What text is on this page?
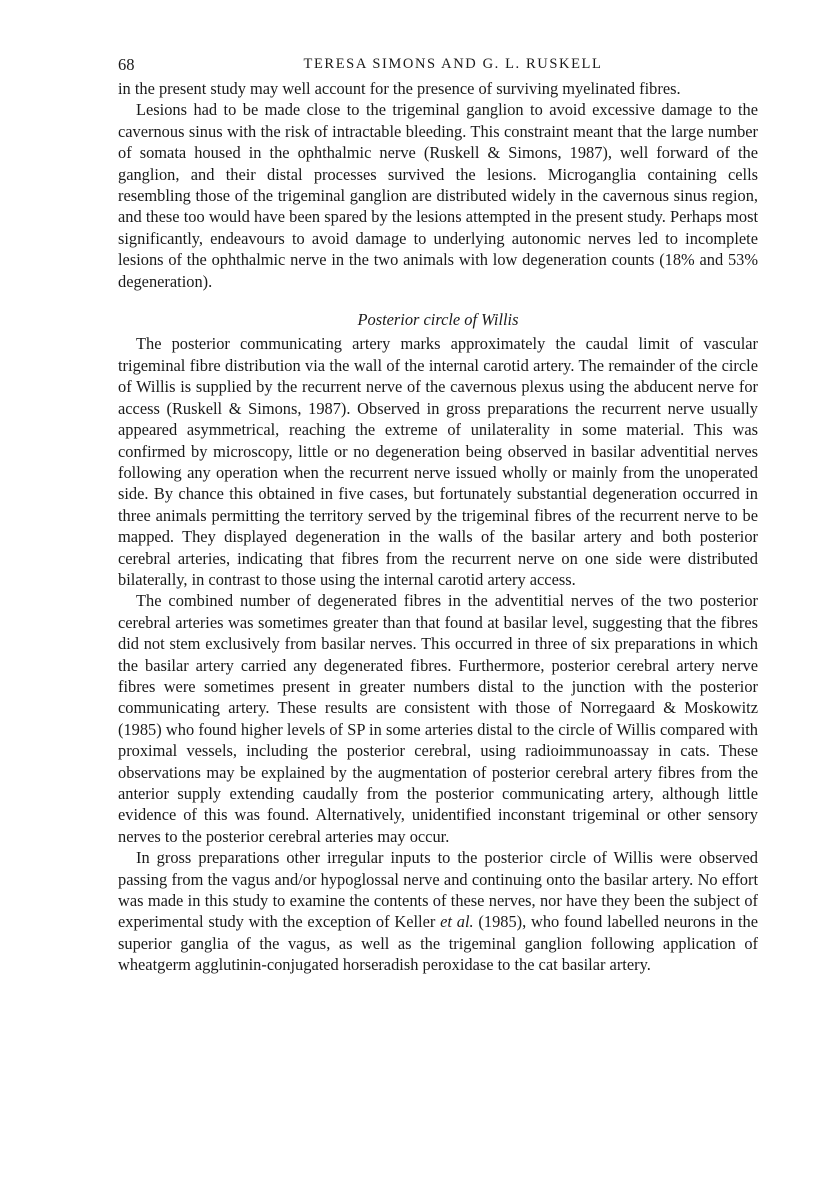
68	TERESA SIMONS AND G. L. RUSKELL

in the present study may well account for the presence of surviving myelinated fibres.

Lesions had to be made close to the trigeminal ganglion to avoid excessive damage to the cavernous sinus with the risk of intractable bleeding. This constraint meant that the large number of somata housed in the ophthalmic nerve (Ruskell & Simons, 1987), well forward of the ganglion, and their distal processes survived the lesions. Microganglia containing cells resembling those of the trigeminal ganglion are distributed widely in the cavernous sinus region, and these too would have been spared by the lesions attempted in the present study. Perhaps most significantly, endeavours to avoid damage to underlying autonomic nerves led to incomplete lesions of the ophthalmic nerve in the two animals with low degeneration counts (18% and 53% degeneration).

Posterior circle of Willis

The posterior communicating artery marks approximately the caudal limit of vascular trigeminal fibre distribution via the wall of the internal carotid artery. The remainder of the circle of Willis is supplied by the recurrent nerve of the cavernous plexus using the abducent nerve for access (Ruskell & Simons, 1987). Observed in gross preparations the recurrent nerve usually appeared asymmetrical, reaching the extreme of unilaterality in some material. This was confirmed by microscopy, little or no degeneration being observed in basilar adventitial nerves following any operation when the recurrent nerve issued wholly or mainly from the unoperated side. By chance this obtained in five cases, but fortunately substantial degeneration occurred in three animals permitting the territory served by the trigeminal fibres of the recurrent nerve to be mapped. They displayed degeneration in the walls of the basilar artery and both posterior cerebral arteries, indicating that fibres from the recurrent nerve on one side were distributed bilaterally, in contrast to those using the internal carotid artery access.

The combined number of degenerated fibres in the adventitial nerves of the two posterior cerebral arteries was sometimes greater than that found at basilar level, suggesting that the fibres did not stem exclusively from basilar nerves. This occurred in three of six preparations in which the basilar artery carried any degenerated fibres. Furthermore, posterior cerebral artery nerve fibres were sometimes present in greater numbers distal to the junction with the posterior communicating artery. These results are consistent with those of Norregaard & Moskowitz (1985) who found higher levels of SP in some arteries distal to the circle of Willis compared with proximal vessels, including the posterior cerebral, using radioimmunoassay in cats. These observations may be explained by the augmentation of posterior cerebral artery fibres from the anterior supply extending caudally from the posterior communicating artery, although little evidence of this was found. Alternatively, unidentified inconstant trigeminal or other sensory nerves to the posterior cerebral arteries may occur.

In gross preparations other irregular inputs to the posterior circle of Willis were observed passing from the vagus and/or hypoglossal nerve and continuing onto the basilar artery. No effort was made in this study to examine the contents of these nerves, nor have they been the subject of experimental study with the exception of Keller et al. (1985), who found labelled neurons in the superior ganglia of the vagus, as well as the trigeminal ganglion following application of wheatgerm agglutinin-conjugated horseradish peroxidase to the cat basilar artery.
